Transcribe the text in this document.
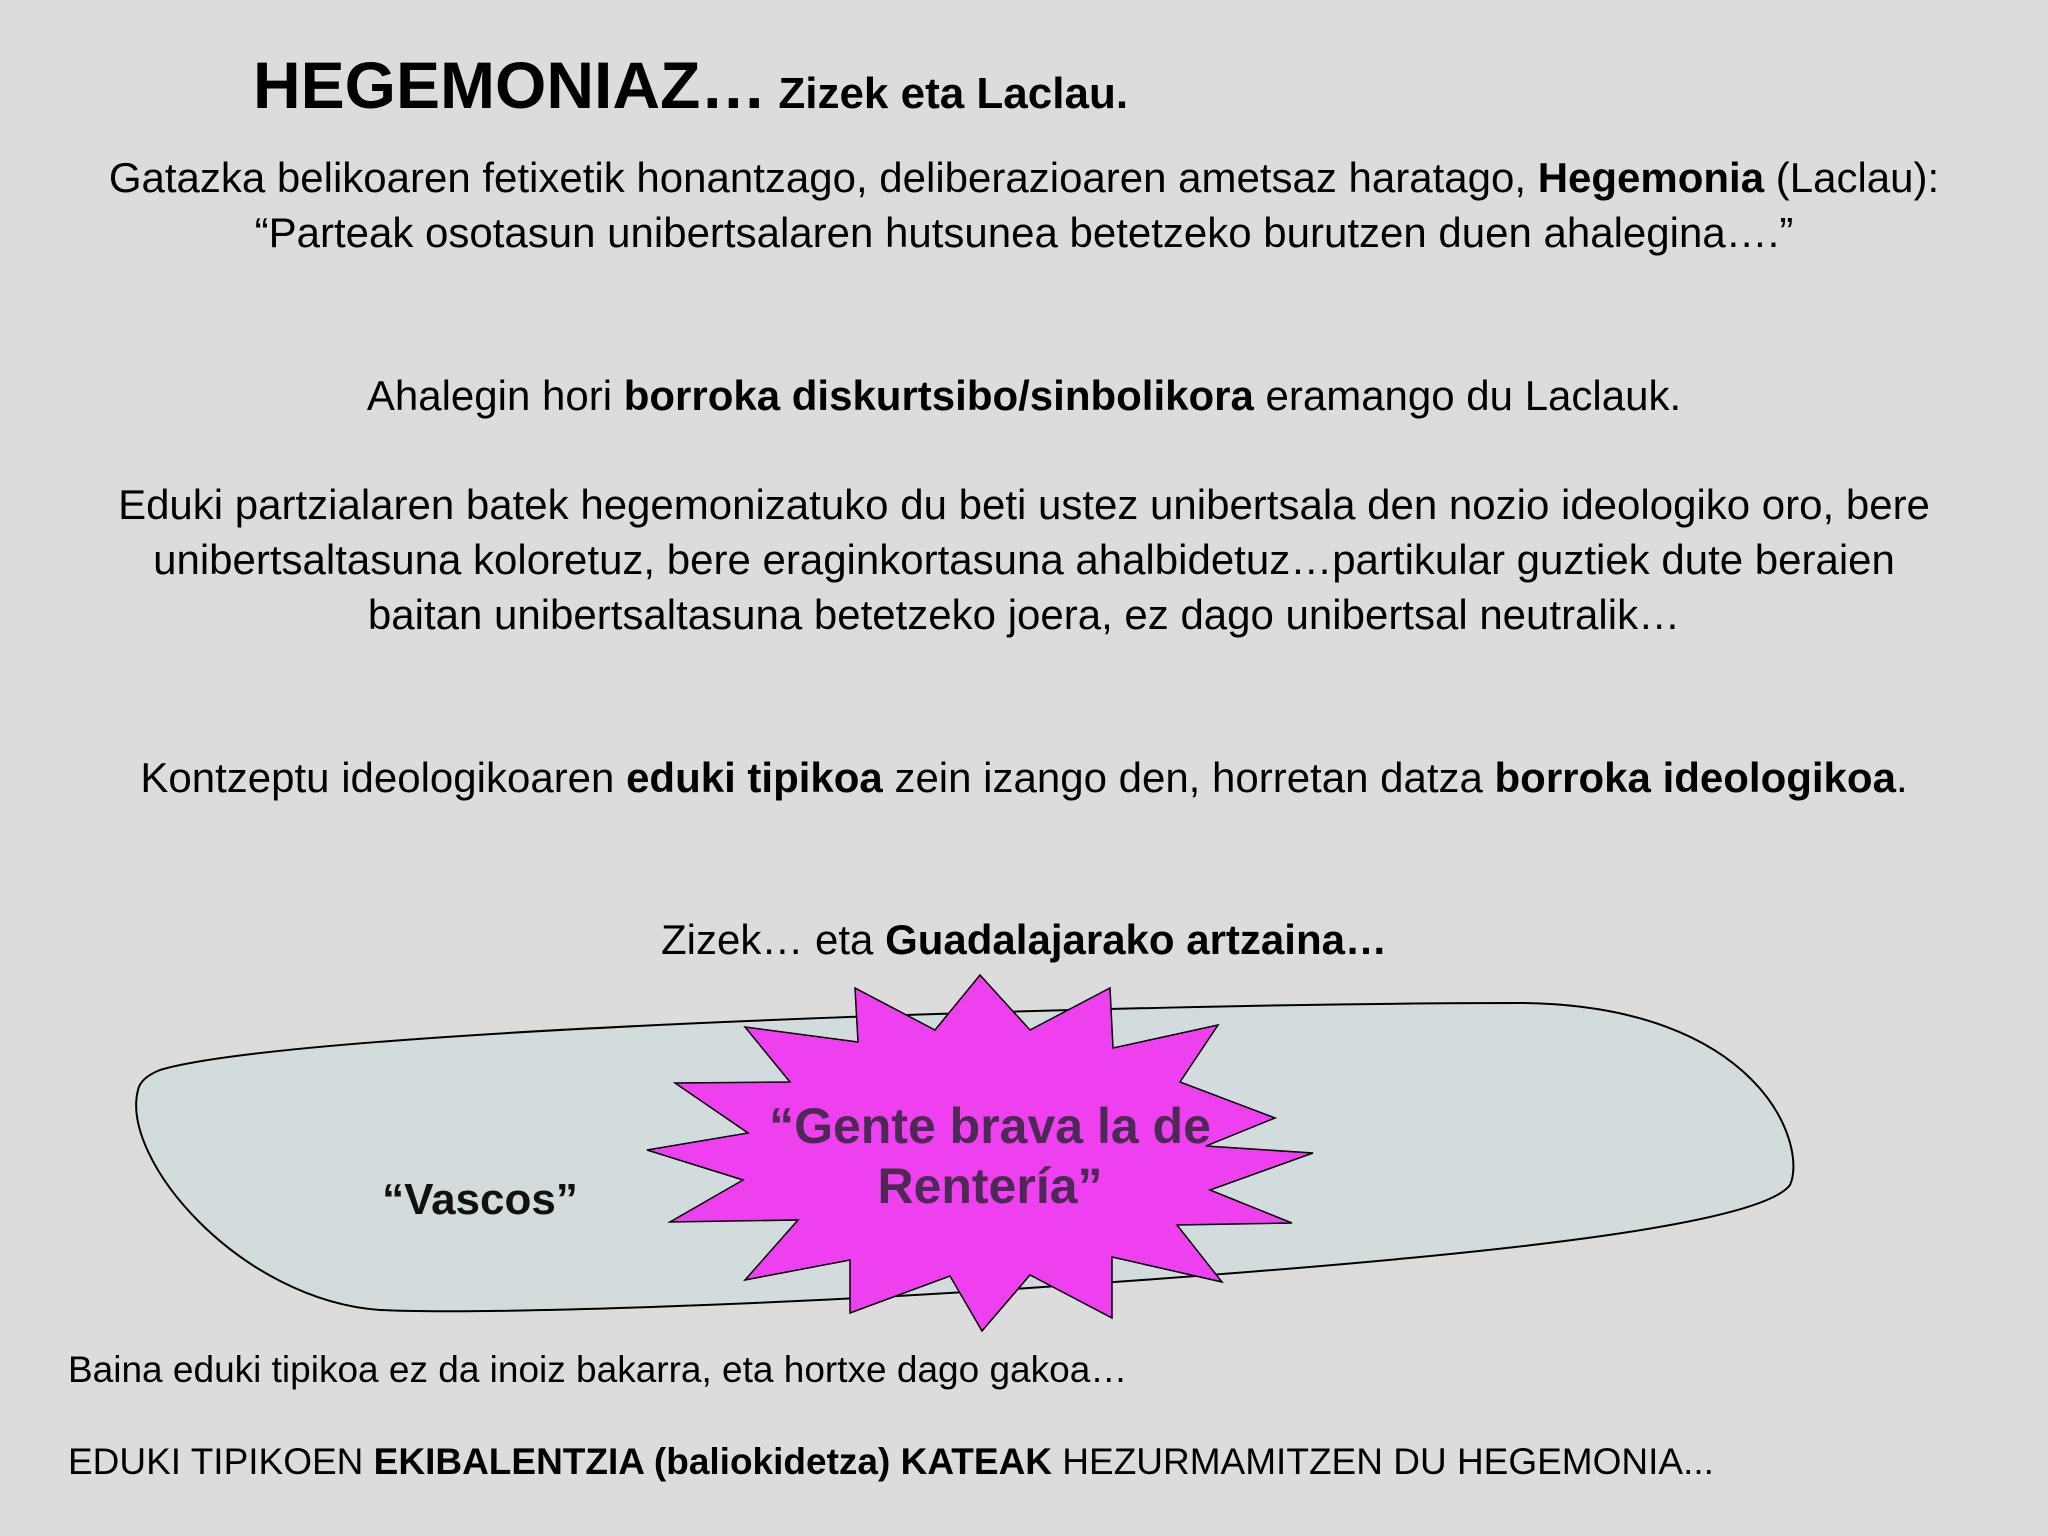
HEGEMONIAZ… Zizek eta Laclau.

Gatazka belikoaren fetixetik honantzago, deliberazioaren ametsaz haratago, Hegemonia (Laclau): “Parteak osotasun unibertsalaren hutsunea betetzeko burutzen duen ahalegina….”

Ahalegin hori borroka diskurtsibo/sinbolikora eramango du Laclauk.

Eduki partzialaren batek hegemonizatuko du beti ustez unibertsala den nozio ideologiko oro, bere unibertsaltasuna koloretuz, bere eraginkortasuna ahalbidetuz…partikular guztiek dute beraien baitan unibertsaltasuna betetzeko joera, ez dago unibertsal neutralik…

Kontzeptu ideologikoaren eduki tipikoa zein izango den, horretan datza borroka ideologikoa.

Zizek… eta Guadalajarako artzaina…

“Vascos”
“Gente brava la de Rentería”

Baina eduki tipikoa ez da inoiz bakarra, eta hortxe dago gakoa…

EDUKI TIPIKOEN EKIBALENTZIA (baliokidetza) KATEAK HEZURMAMITZEN DU HEGEMONIA...
